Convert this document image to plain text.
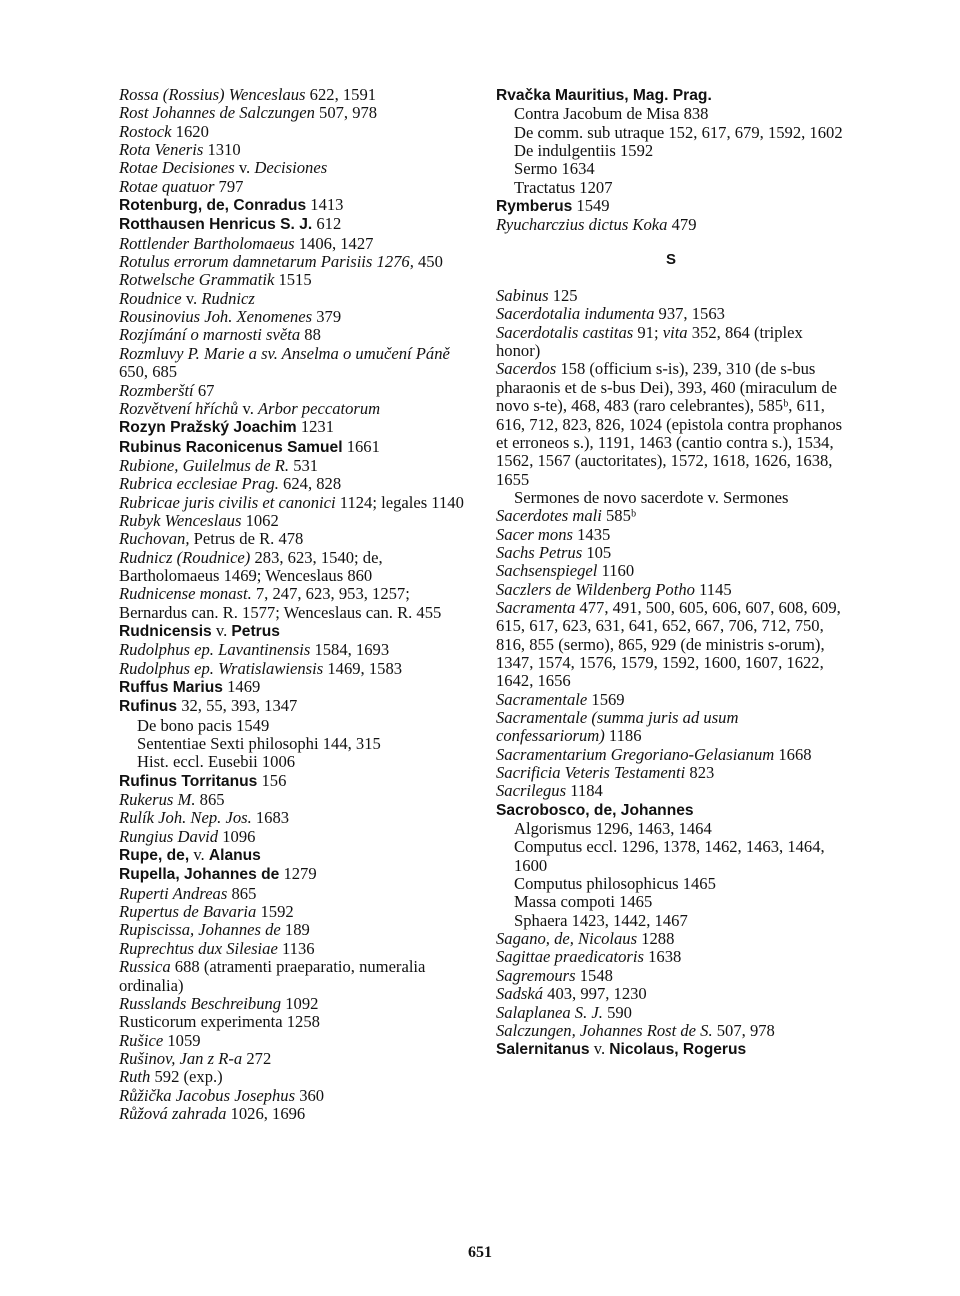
Rossa (Rossius) Wenceslaus 622, 1591
Rost Johannes de Salczungen 507, 978
Rostock 1620
Rota Veneris 1310
Rotae Decisiones v. Decisiones
Rotae quatuor 797
Rotenburg, de, Conradus 1413
Rotthausen Henricus S. J. 612
Rottlender Bartholomaeus 1406, 1427
Rotulus errorum damnetarum Parisiis 1276, 450
Rotwelsche Grammatik 1515
Roudnice v. Rudnicz
Rousinovius Joh. Xenomenes 379
Rozjímání o marnosti světa 88
Rozmluvy P. Marie a sv. Anselma o umučení Páně 650, 685
Rozmberští 67
Rozvětvení hříchů v. Arbor peccatorum
Rozyn Pražský Joachim 1231
Rubinus Raconicenus Samuel 1661
Rubione, Guilelmus de R. 531
Rubrica ecclesiae Prag. 624, 828
Rubricae juris civilis et canonici 1124; legales 1140
Rubyk Wenceslaus 1062
Ruchovan, Petrus de R. 478
Rudnicz (Roudnice) 283, 623, 1540; de, Bartholomaeus 1469; Wenceslaus 860
Rudnicense monast. 7, 247, 623, 953, 1257; Bernardus can. R. 1577; Wenceslaus can. R. 455
Rudnicensis v. Petrus
Rudolphus ep. Lavantinensis 1584, 1693
Rudolphus ep. Wratislawiensis 1469, 1583
Ruffus Marius 1469
Rufinus 32, 55, 393, 1347
De bono pacis 1549
Sententiae Sexti philosophi 144, 315
Hist. eccl. Eusebii 1006
Rufinus Torritanus 156
Rukerus M. 865
Rulík Joh. Nep. Jos. 1683
Rungius David 1096
Rupe, de, v. Alanus
Rupella, Johannes de 1279
Ruperti Andreas 865
Rupertus de Bavaria 1592
Rupiscissa, Johannes de 189
Ruprechtus dux Silesiae 1136
Russica 688 (atramenti praeparatio, numeralia ordinalia)
Russlands Beschreibung 1092
Rusticorum experimenta 1258
Rušice 1059
Rušinov, Jan z R-a 272
Ruth 592 (exp.)
Růžička Jacobus Josephus 360
Růžová zahrada 1026, 1696
Rvačka Mauritius, Mag. Prag.
Contra Jacobum de Misa 838
De comm. sub utraque 152, 617, 679, 1592, 1602
De indulgentiis 1592
Sermo 1634
Tractatus 1207
Rymberus 1549
Ryucharczius dictus Koka 479
S
Sabinus 125
Sacerdotalia indumenta 937, 1563
Sacerdotalis castitas 91; vita 352, 864 (triplex honor)
Sacerdos 158 (officium s-is), 239, 310 (de s-bus pharaonis et de s-bus Dei), 393, 460 (miraculum de novo s-te), 468, 483 (raro celebrantes), 585ᵇ, 611, 616, 712, 823, 826, 1024 (epistola contra prophanos et erroneos s.), 1191, 1463 (cantio contra s.), 1534, 1562, 1567 (auctoritates), 1572, 1618, 1626, 1638, 1655
Sermones de novo sacerdote v. Sermones
Sacerdotes mali 585ᵇ
Sacer mons 1435
Sachs Petrus 105
Sachsenspiegel 1160
Saczlers de Wildenberg Potho 1145
Sacramenta 477, 491, 500, 605, 606, 607, 608, 609, 615, 617, 623, 631, 641, 652, 667, 706, 712, 750, 816, 855 (sermo), 865, 929 (de ministris s-orum), 1347, 1574, 1576, 1579, 1592, 1600, 1607, 1622, 1642, 1656
Sacramentale 1569
Sacramentale (summa juris ad usum confessariorum) 1186
Sacramentarium Gregoriano-Gelasianum 1668
Sacrificia Veteris Testamenti 823
Sacrilegus 1184
Sacrobosco, de, Johannes
Algorismus 1296, 1463, 1464
Computus eccl. 1296, 1378, 1462, 1463, 1464, 1600
Computus philosophicus 1465
Massa compoti 1465
Sphaera 1423, 1442, 1467
Sagano, de, Nicolaus 1288
Sagittae praedicatoris 1638
Sagremours 1548
Sadská 403, 997, 1230
Salaplanea S. J. 590
Salczungen, Johannes Rost de S. 507, 978
Salernitanus v. Nicolaus, Rogerus
651
